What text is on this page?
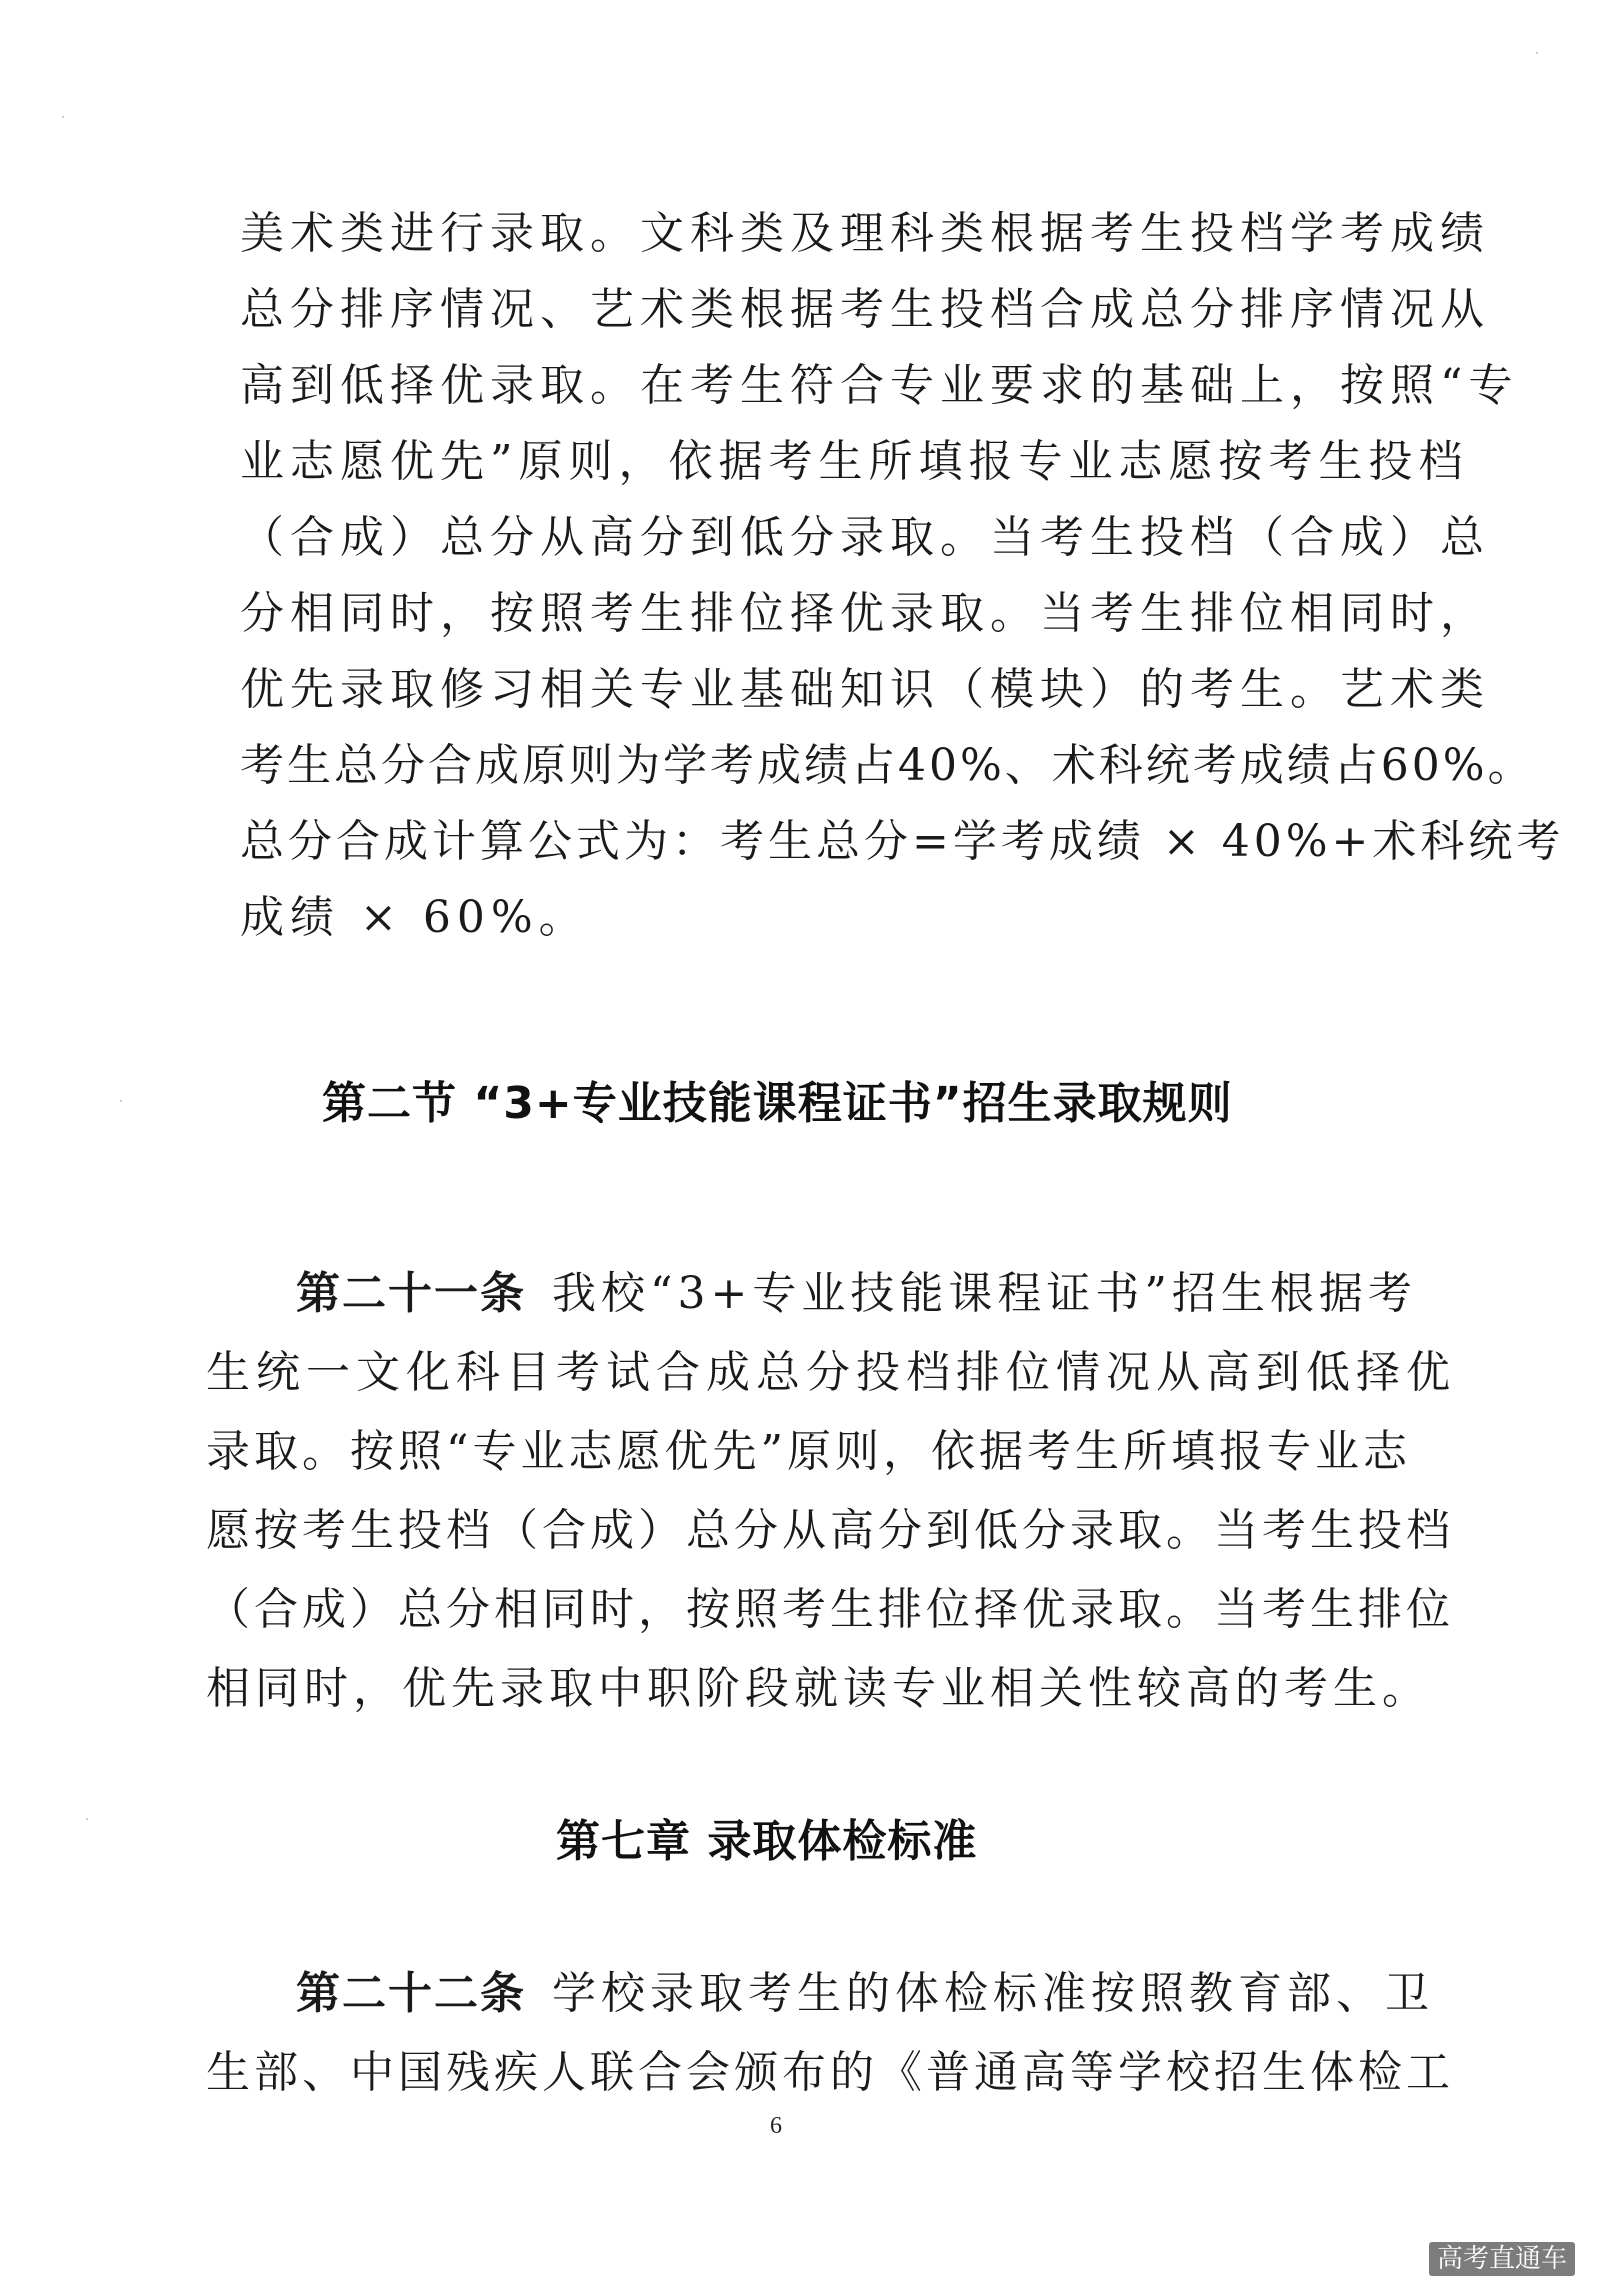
美术类进行录取。文科类及理科类根据考生投档学考成绩
总分排序情况、艺术类根据考生投档合成总分排序情况从
高到低择优录取。在考生符合专业要求的基础上，按照“专
业志愿优先”原则，依据考生所填报专业志愿按考生投档
（合成）总分从高分到低分录取。当考生投档（合成）总
分相同时，按照考生排位择优录取。当考生排位相同时，
优先录取修习相关专业基础知识（模块）的考生。艺术类
考生总分合成原则为学考成绩占40%、术科统考成绩占60%。
总分合成计算公式为：考生总分=学考成绩 × 40%+术科统考
成绩 × 60%。
第二节 “3+专业技能课程证书”招生录取规则
第二十一条 我校“3+专业技能课程证书”招生根据考
生统一文化科目考试合成总分投档排位情况从高到低择优
录取。按照“专业志愿优先”原则，依据考生所填报专业志
愿按考生投档（合成）总分从高分到低分录取。当考生投档
（合成）总分相同时，按照考生排位择优录取。当考生排位
相同时，优先录取中职阶段就读专业相关性较高的考生。
第七章 录取体检标准
第二十二条 学校录取考生的体检标准按照教育部、卫
生部、中国残疾人联合会颁布的《普通高等学校招生体检工
6
高考直通车
